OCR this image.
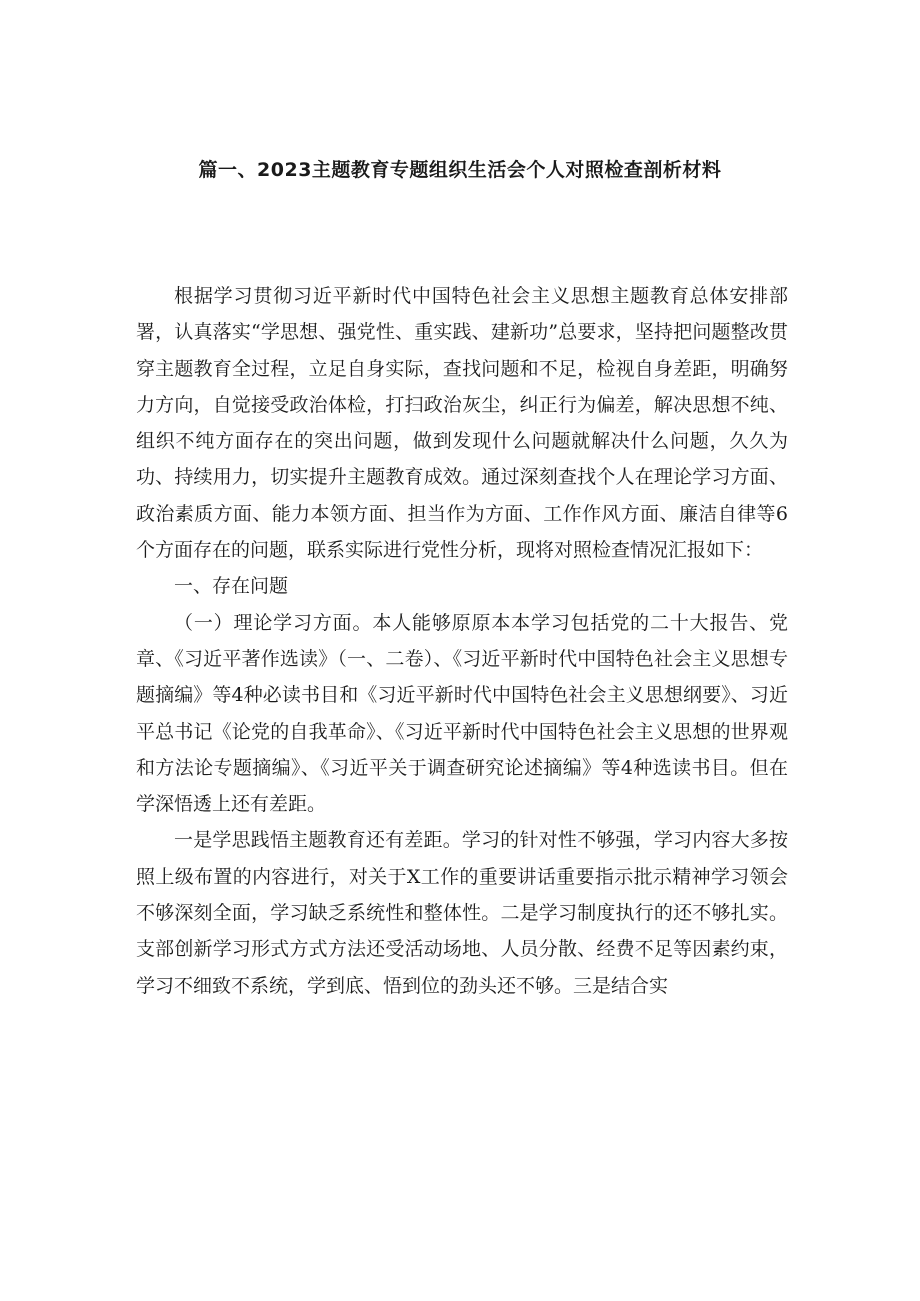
篇一、2023主题教育专题组织生活会个人对照检查剖析材料

根据学习贯彻习近平新时代中国特色社会主义思想主题教育总体安排部署，认真落实“学思想、强党性、重实践、建新功”总要求，坚持把问题整改贯穿主题教育全过程，立足自身实际，查找问题和不足，检视自身差距，明确努力方向，自觉接受政治体检，打扫政治灰尘，纠正行为偏差，解决思想不纯、组织不纯方面存在的突出问题，做到发现什么问题就解决什么问题，久久为功、持续用力，切实提升主题教育成效。通过深刻查找个人在理论学习方面、政治素质方面、能力本领方面、担当作为方面、工作作风方面、廉洁自律等6个方面存在的问题，联系实际进行党性分析，现将对照检查情况汇报如下：

一、存在问题

（一）理论学习方面。本人能够原原本本学习包括党的二十大报告、党章、《习近平著作选读》（一、二卷）、《习近平新时代中国特色社会主义思想专题摘编》等4种必读书目和《习近平新时代中国特色社会主义思想纲要》、习近平总书记《论党的自我革命》、《习近平新时代中国特色社会主义思想的世界观和方法论专题摘编》、《习近平关于调查研究论述摘编》等4种选读书目。但在学深悟透上还有差距。

一是学思践悟主题教育还有差距。学习的针对性不够强，学习内容大多按照上级布置的内容进行，对关于X工作的重要讲话重要指示批示精神学习领会不够深刻全面，学习缺乏系统性和整体性。二是学习制度执行的还不够扎实。支部创新学习形式方式方法还受活动场地、人员分散、经费不足等因素约束，学习不细致不系统，学到底、悟到位的劲头还不够。三是结合实
